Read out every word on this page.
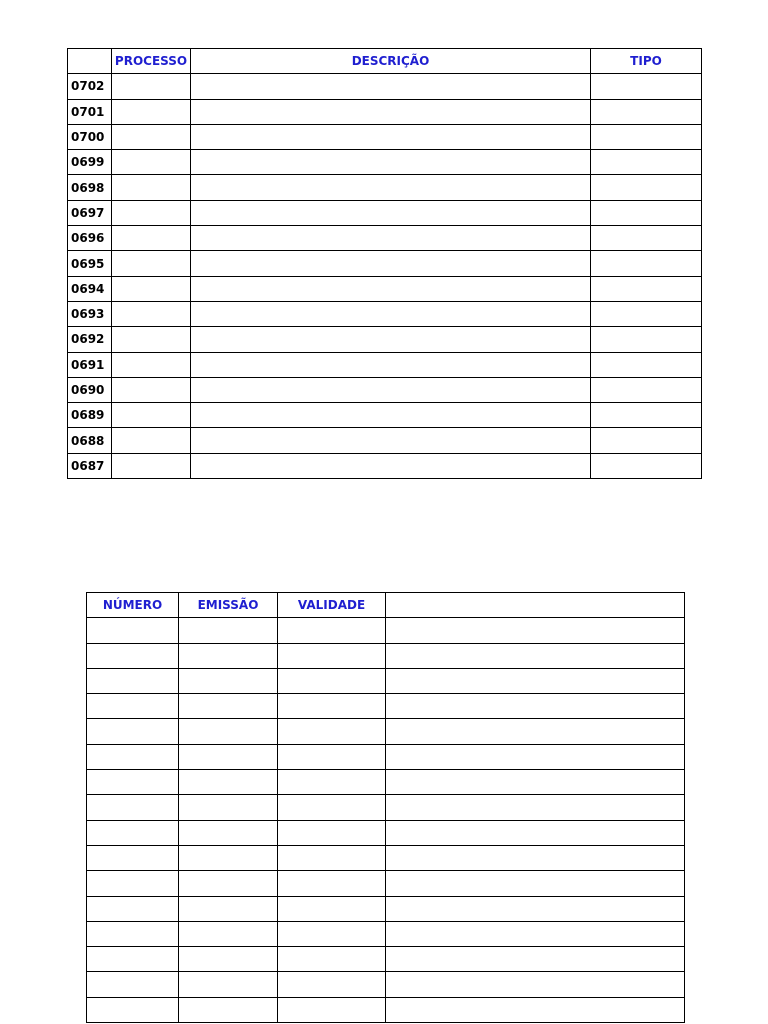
	PROCESSO	DESCRIÇÃO	TIPO
0702			
0701			
0700			
0699			
0698			
0697			
0696			
0695			
0694			
0693			
0692			
0691			
0690			
0689			
0688			
0687			
NÚMERO	EMISSÃO	VALIDADE	
